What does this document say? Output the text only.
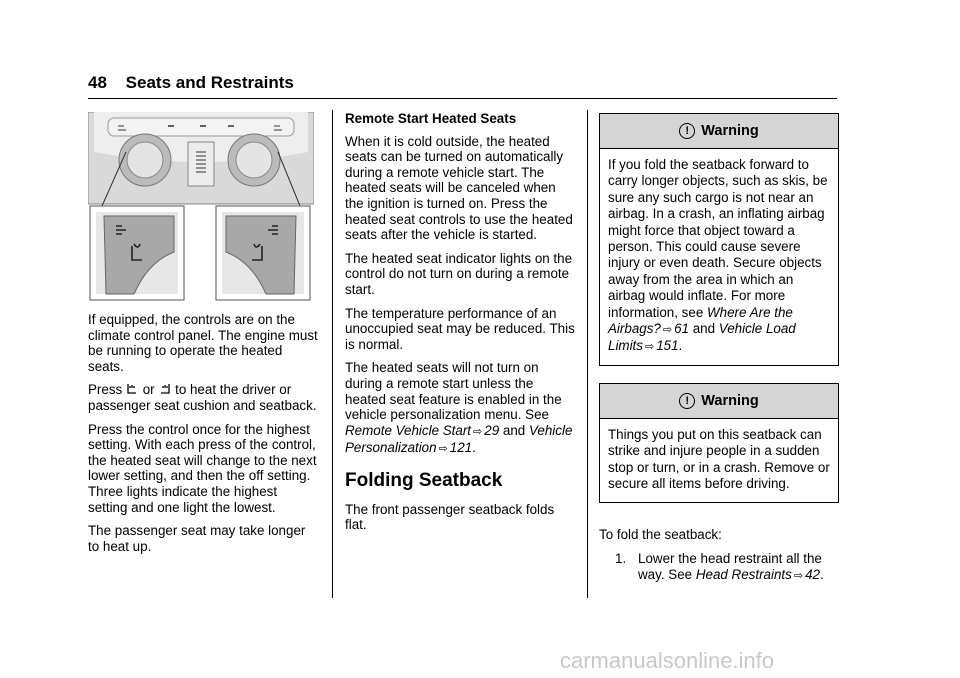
48 Seats and Restraints

If equipped, the controls are on the climate control panel. The engine must be running to operate the heated seats.

Press or to heat the driver or passenger seat cushion and seatback.

Press the control once for the highest setting. With each press of the control, the heated seat will change to the next lower setting, and then the off setting. Three lights indicate the highest setting and one light the lowest.

The passenger seat may take longer to heat up.

Remote Start Heated Seats

When it is cold outside, the heated seats can be turned on automatically during a remote vehicle start. The heated seats will be canceled when the ignition is turned on. Press the heated seat controls to use the heated seats after the vehicle is started.

The heated seat indicator lights on the control do not turn on during a remote start.

The temperature performance of an unoccupied seat may be reduced. This is normal.

The heated seats will not turn on during a remote start unless the heated seat feature is enabled in the vehicle personalization menu. See Remote Vehicle Start ⇨ 29 and Vehicle Personalization ⇨ 121.

Folding Seatback

The front passenger seatback folds flat.

! Warning
If you fold the seatback forward to carry longer objects, such as skis, be sure any such cargo is not near an airbag. In a crash, an inflating airbag might force that object toward a person. This could cause severe injury or even death. Secure objects away from the area in which an airbag would inflate. For more information, see Where Are the Airbags? ⇨ 61 and Vehicle Load Limits ⇨ 151.
! Warning
Things you put on this seatback can strike and injure people in a sudden stop or turn, or in a crash. Remove or secure all items before driving.

To fold the seatback:

1. Lower the head restraint all the way. See Head Restraints ⇨ 42.
carmanualsonline.info
